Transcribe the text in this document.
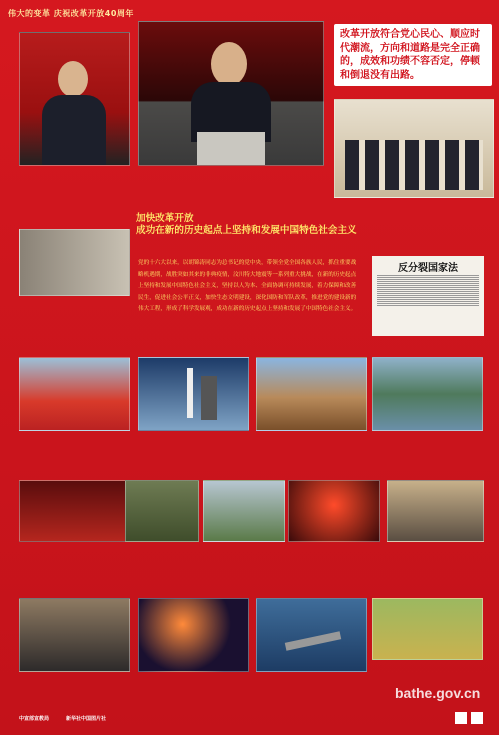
伟大的变革 庆祝改革开放40周年
改革开放符合党心民心、顺应时代潮流，方向和道路是完全正确的，成效和功绩不容否定，停顿和倒退没有出路。
加快改革开放
成功在新的历史起点上坚持和发展中国特色社会主义
党的十六大以来，以胡锦涛同志为总书记的党中央，带领全党全国各族人民，抓住重要战略机遇期，战胜突如其来的非典疫情，汶川特大地震等一系列重大挑战，在新的历史起点上坚持和发展中国特色社会主义，坚持以人为本、全面协调可持续发展，着力保障和改善民生，促进社会公平正义，加快生态文明建设，深化国防和军队改革，推进党的建设新的伟大工程，形成了科学发展观，成功在新的历史起点上坚持和发展了中国特色社会主义。
反分裂国家法
bathe.gov.cn
中宣部宣教局	新华社中国图片社
